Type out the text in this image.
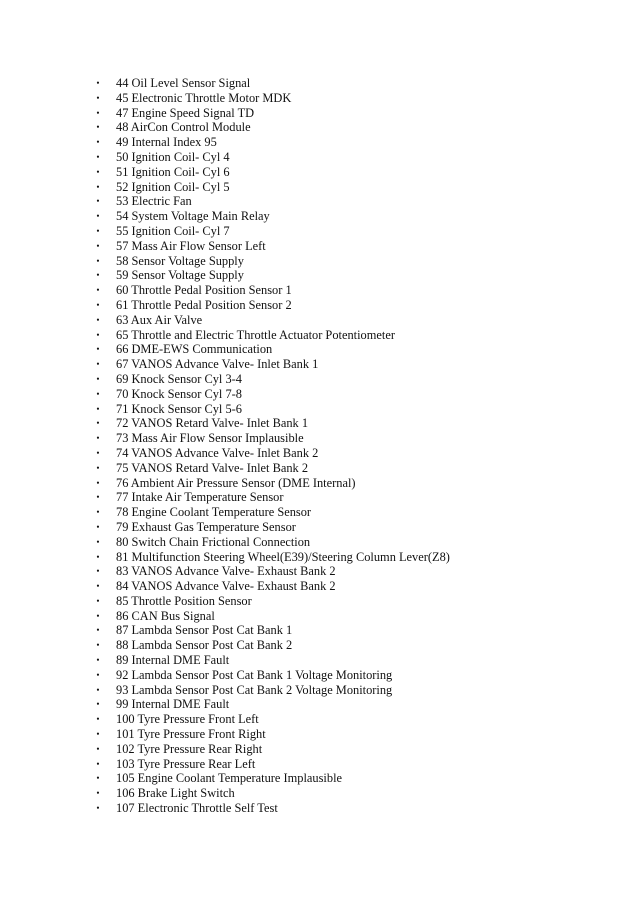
• 44 Oil Level Sensor Signal
• 45 Electronic Throttle Motor MDK
• 47 Engine Speed Signal TD
• 48 AirCon Control Module
• 49 Internal Index 95
• 50 Ignition Coil- Cyl 4
• 51 Ignition Coil- Cyl 6
• 52 Ignition Coil- Cyl 5
• 53 Electric Fan
• 54 System Voltage Main Relay
• 55 Ignition Coil- Cyl 7
• 57 Mass Air Flow Sensor Left
• 58 Sensor Voltage Supply
• 59 Sensor Voltage Supply
• 60 Throttle Pedal Position Sensor 1
• 61 Throttle Pedal Position Sensor 2
• 63 Aux Air Valve
• 65 Throttle and Electric Throttle Actuator Potentiometer
• 66 DME-EWS Communication
• 67 VANOS Advance Valve- Inlet Bank 1
• 69 Knock Sensor Cyl 3-4
• 70 Knock Sensor Cyl 7-8
• 71 Knock Sensor Cyl 5-6
• 72 VANOS Retard Valve- Inlet Bank 1
• 73 Mass Air Flow Sensor Implausible
• 74 VANOS Advance Valve- Inlet Bank 2
• 75 VANOS Retard Valve- Inlet Bank 2
• 76 Ambient Air Pressure Sensor (DME Internal)
• 77 Intake Air Temperature Sensor
• 78 Engine Coolant Temperature Sensor
• 79 Exhaust Gas Temperature Sensor
• 80 Switch Chain Frictional Connection
• 81 Multifunction Steering Wheel(E39)/Steering Column Lever(Z8)
• 83 VANOS Advance Valve- Exhaust Bank 2
• 84 VANOS Advance Valve- Exhaust Bank 2
• 85 Throttle Position Sensor
• 86 CAN Bus Signal
• 87 Lambda Sensor Post Cat Bank 1
• 88 Lambda Sensor Post Cat Bank 2
• 89 Internal DME Fault
• 92 Lambda Sensor Post Cat Bank 1 Voltage Monitoring
• 93 Lambda Sensor Post Cat Bank 2 Voltage Monitoring
• 99 Internal DME Fault
• 100 Tyre Pressure Front Left
• 101 Tyre Pressure Front Right
• 102 Tyre Pressure Rear Right
• 103 Tyre Pressure Rear Left
• 105 Engine Coolant Temperature Implausible
• 106 Brake Light Switch
• 107 Electronic Throttle Self Test
